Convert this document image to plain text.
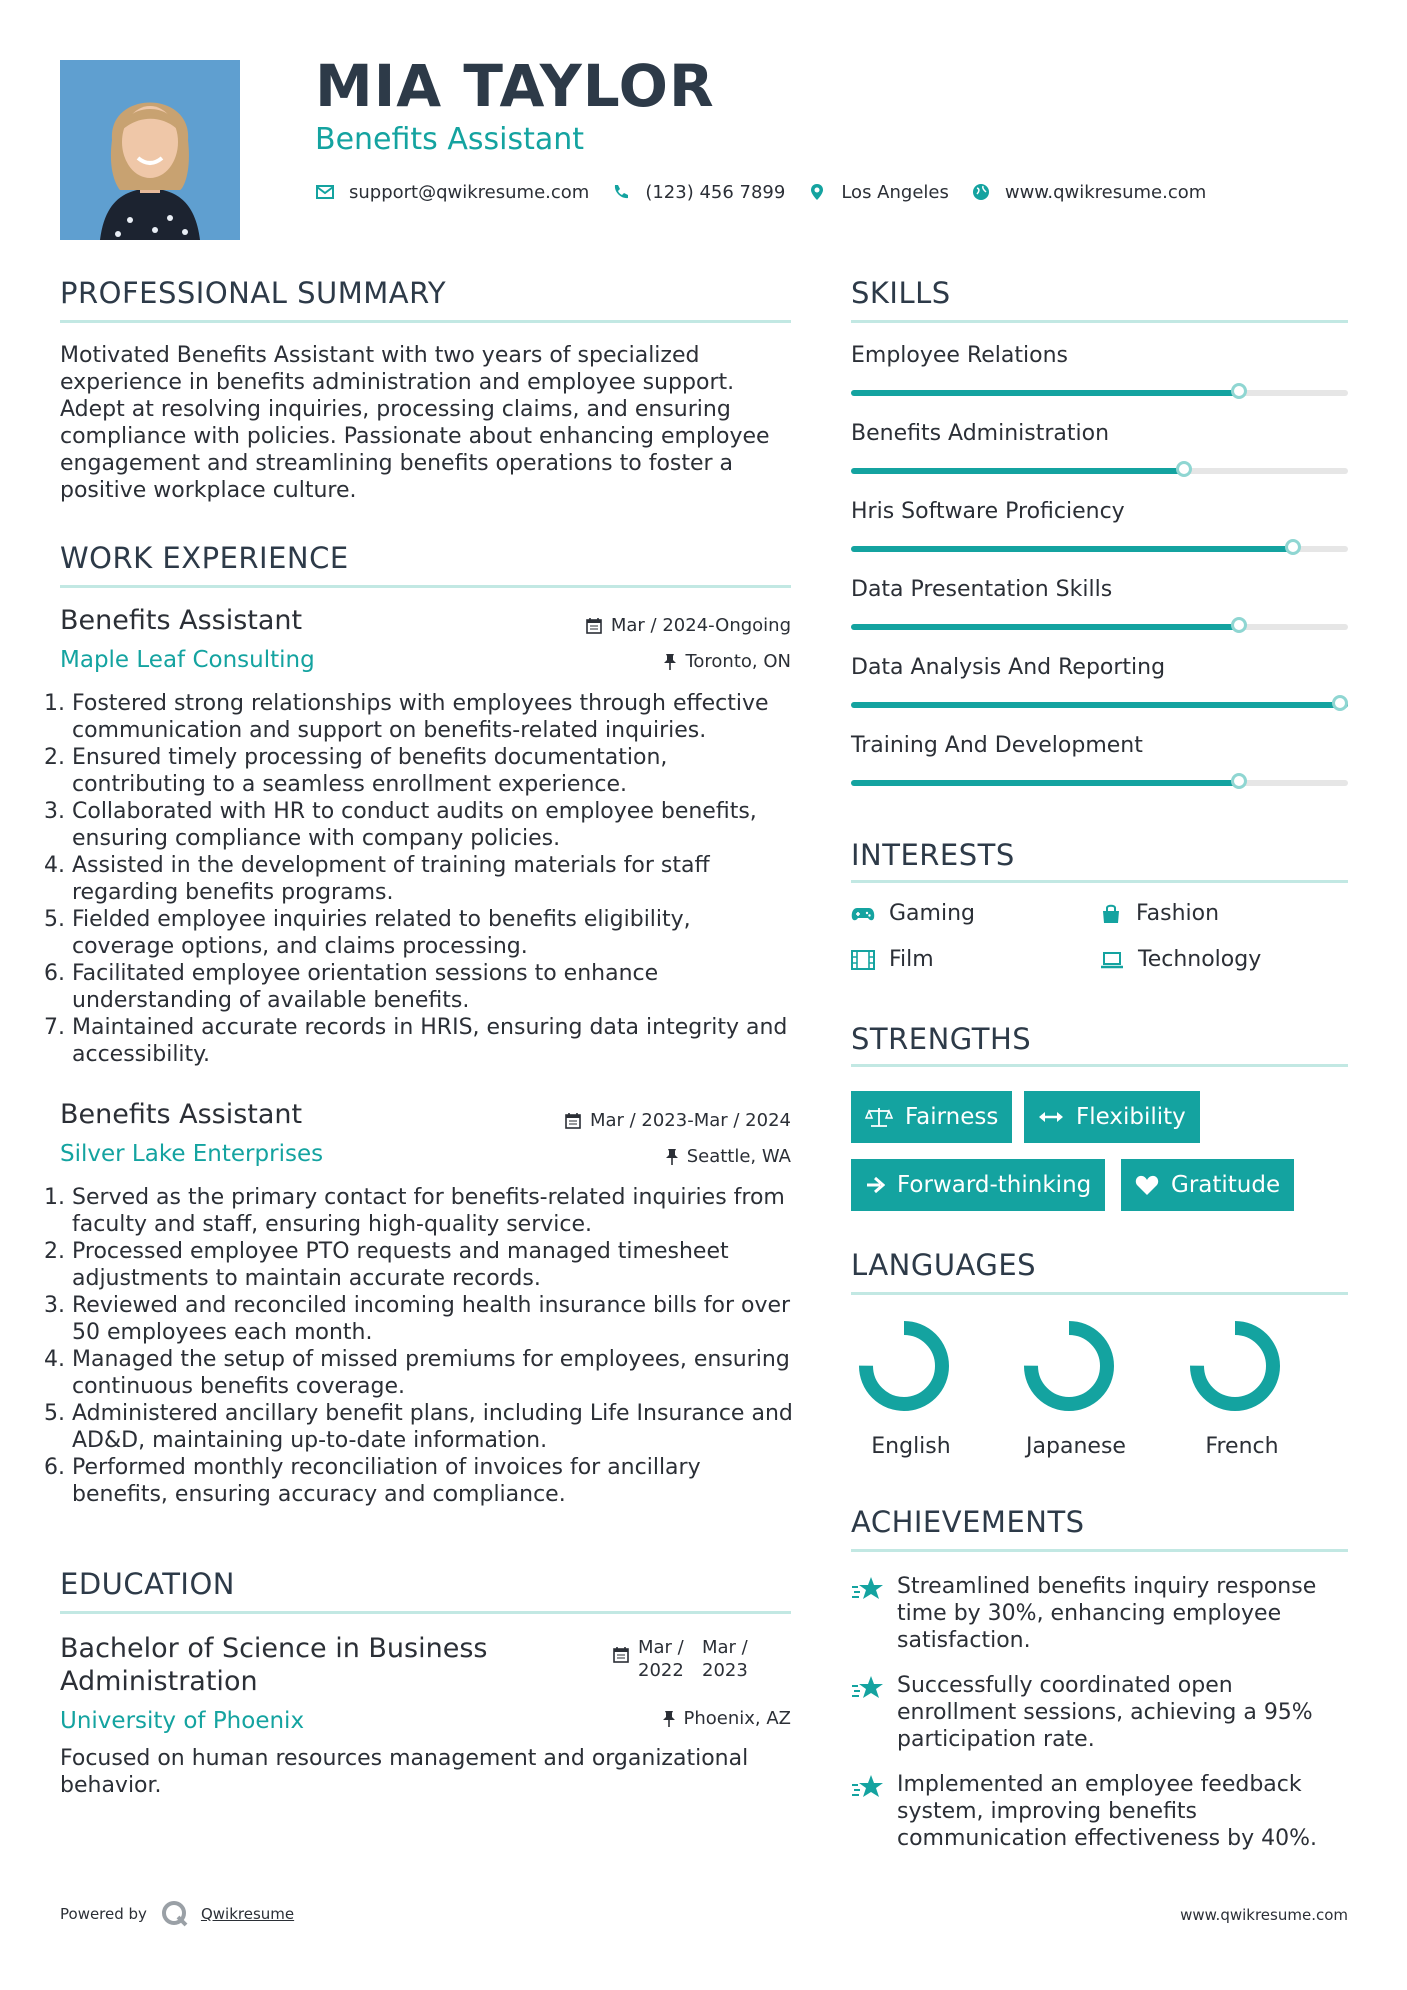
MIA TAYLOR
Benefits Assistant
support@qwikresume.com	(123) 456 7899	Los Angeles	www.qwikresume.com
PROFESSIONAL SUMMARY
Motivated Benefits Assistant with two years of specialized experience in benefits administration and employee support. Adept at resolving inquiries, processing claims, and ensuring compliance with policies. Passionate about enhancing employee engagement and streamlining benefits operations to foster a positive workplace culture.
WORK EXPERIENCE
Benefits Assistant	Mar / 2024-Ongoing
Maple Leaf Consulting	Toronto, ON
1. Fostered strong relationships with employees through effective communication and support on benefits-related inquiries.
2. Ensured timely processing of benefits documentation, contributing to a seamless enrollment experience.
3. Collaborated with HR to conduct audits on employee benefits, ensuring compliance with company policies.
4. Assisted in the development of training materials for staff regarding benefits programs.
5. Fielded employee inquiries related to benefits eligibility, coverage options, and claims processing.
6. Facilitated employee orientation sessions to enhance understanding of available benefits.
7. Maintained accurate records in HRIS, ensuring data integrity and accessibility.
Benefits Assistant	Mar / 2023-Mar / 2024
Silver Lake Enterprises	Seattle, WA
1. Served as the primary contact for benefits-related inquiries from faculty and staff, ensuring high-quality service.
2. Processed employee PTO requests and managed timesheet adjustments to maintain accurate records.
3. Reviewed and reconciled incoming health insurance bills for over 50 employees each month.
4. Managed the setup of missed premiums for employees, ensuring continuous benefits coverage.
5. Administered ancillary benefit plans, including Life Insurance and AD&D, maintaining up-to-date information.
6. Performed monthly reconciliation of invoices for ancillary benefits, ensuring accuracy and compliance.
EDUCATION
Bachelor of Science in Business Administration
Mar / 2022
Mar / 2023
University of Phoenix	Phoenix, AZ
Focused on human resources management and organizational behavior.
SKILLS
Employee Relations
Benefits Administration
Hris Software Proficiency
Data Presentation Skills
Data Analysis And Reporting
Training And Development
INTERESTS
Gaming	Fashion
Film	Technology
STRENGTHS
Fairness	Flexibility
Forward-thinking	Gratitude
LANGUAGES
English	Japanese	French
ACHIEVEMENTS
Streamlined benefits inquiry response time by 30%, enhancing employee satisfaction.
Successfully coordinated open enrollment sessions, achieving a 95% participation rate.
Implemented an employee feedback system, improving benefits communication effectiveness by 40%.
Powered by	Qwikresume	www.qwikresume.com
